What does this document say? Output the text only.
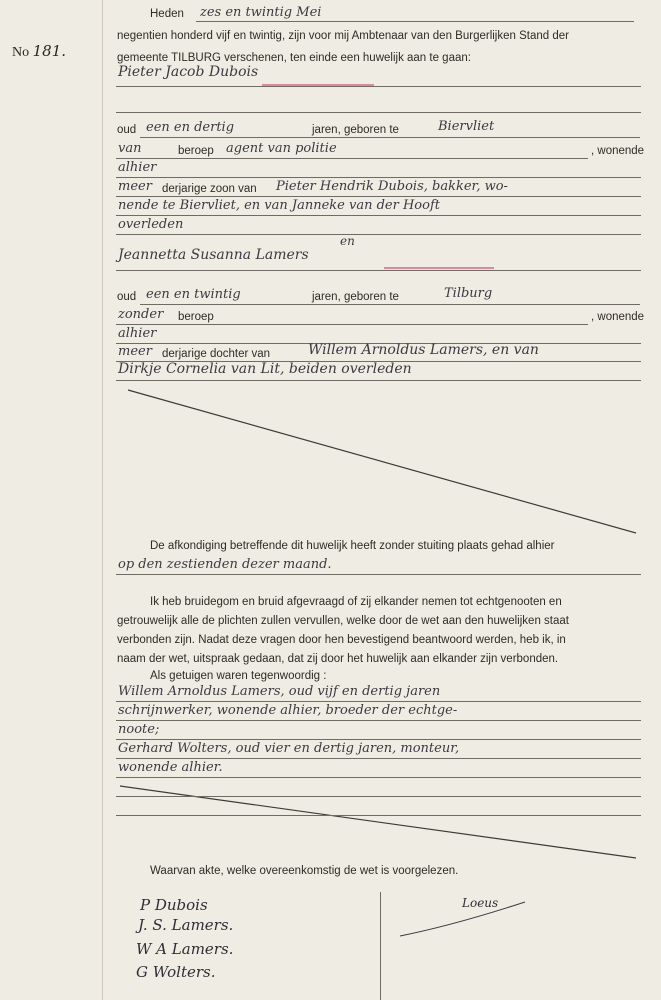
No 181.
Heden zes en twintig Mei
negentien honderd vijf en twintig, zijn voor mij Ambtenaar van den Burgerlijken Stand der
gemeente TILBURG verschenen, ten einde een huwelijk aan te gaan:
Pieter Jacob Dubois
oud een en dertig	jaren, geboren te	Biervliet
van	beroep agent van politie	, wonende
alhier
meer derjarige zoon van Pieter Hendrik Dubois, bakker, wo-
nende te Biervliet, en van Janneke van der Hooft
overleden
en
Jeannetta Susanna Lamers
oud een en twintig	jaren, geboren te	Tilburg
zonder beroep	, wonende
alhier
meer derjarige dochter van	Willem Arnoldus Lamers, en van
Dirkje Cornelia van Lit, beiden overleden
De afkondiging betreffende dit huwelijk heeft zonder stuiting plaats gehad alhier
op den zestienden dezer maand.
Ik heb bruidegom en bruid afgevraagd of zij elkander nemen tot echtgenooten en
getrouwelijk alle de plichten zullen vervullen, welke door de wet aan den huwelijken staat
verbonden zijn. Nadat deze vragen door hen bevestigend beantwoord werden, heb ik, in
naam der wet, uitspraak gedaan, dat zij door het huwelijk aan elkander zijn verbonden.
Als getuigen waren tegenwoordig :
Willem Arnoldus Lamers, oud vijf en dertig jaren
schrijnwerker, wonende alhier, broeder der echtge-
noote;
Gerhard Wolters, oud vier en dertig jaren, monteur,
wonende alhier.
Waarvan akte, welke overeenkomstig de wet is voorgelezen.
P Dubois
J. S. Lamers.
W A Lamers.
G Wolters.
Loeus
